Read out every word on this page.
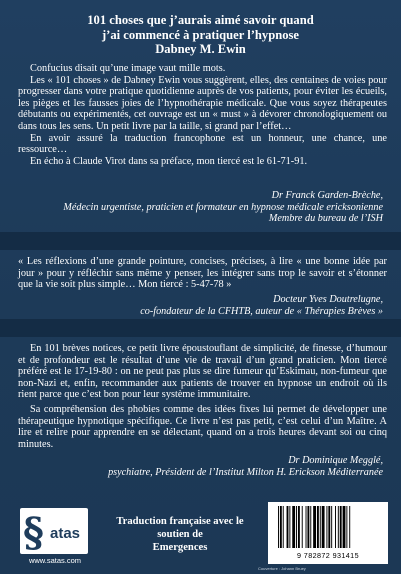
101 choses que j’aurais aimé savoir quand
j’ai commencé à pratiquer l’hypnose
Dabney M. Ewin

Confucius disait qu’une image vaut mille mots.

Les « 101 choses » de Dabney Ewin vous suggèrent, elles, des centaines de voies pour progresser dans votre pratique quotidienne auprès de vos patients, pour éviter les écueils, les pièges et les fausses joies de l’hypnothérapie médicale. Que vous soyez thérapeutes débutants ou expérimentés, cet ouvrage est un « must » à dévorer chronologiquement ou dans tous les sens. Un petit livre par la taille, si grand par l’effet…

En avoir assuré la traduction francophone est un honneur, une chance, une ressource…

En écho à Claude Virot dans sa préface, mon tiercé est le 61-71-91.

Dr Franck Garden-Brèche,
Médecin urgentiste, praticien et formateur en hypnose médicale ericksonienne
Membre du bureau de l’ISH

« Les réflexions d’une grande pointure, concises, précises, à lire « une bonne idée par jour » pour y réfléchir sans même y penser, les intégrer sans trop le savoir et s’étonner que la vie soit plus simple… Mon tiercé : 5-47-78 »

Docteur Yves Doutrelugne,
co-fondateur de la CFHTB, auteur de « Thérapies Brèves »

En 101 brèves notices, ce petit livre époustouflant de simplicité, de finesse, d’humour et de profondeur est le résultat d’une vie de travail d’un grand praticien. Mon tiercé préféré est le 17-19-80 : on ne peut pas plus se dire fumeur qu’Eskimau, non-fumeur que non-Nazi et, enfin, recommander aux patients de trouver en hypnose un endroit où ils rient parce que c’est bon pour leur système immunitaire.

Sa compréhension des phobies comme des idées fixes lui permet de développer une thérapeutique hypnotique spécifique. Ce livre n’est pas petit, c’est celui d’un Maître. A lire et relire pour apprendre en se délectant, quand on a trois heures devant soi ou cinq minutes.

Dr Dominique Megglé,
psychiatre, Président de l’Institut Milton H. Erickson Méditerranée
§ atas
www.satas.com
Traduction française avec le soutien de
Emergences
9 782872 931415
Couverture : Johann Bruey
